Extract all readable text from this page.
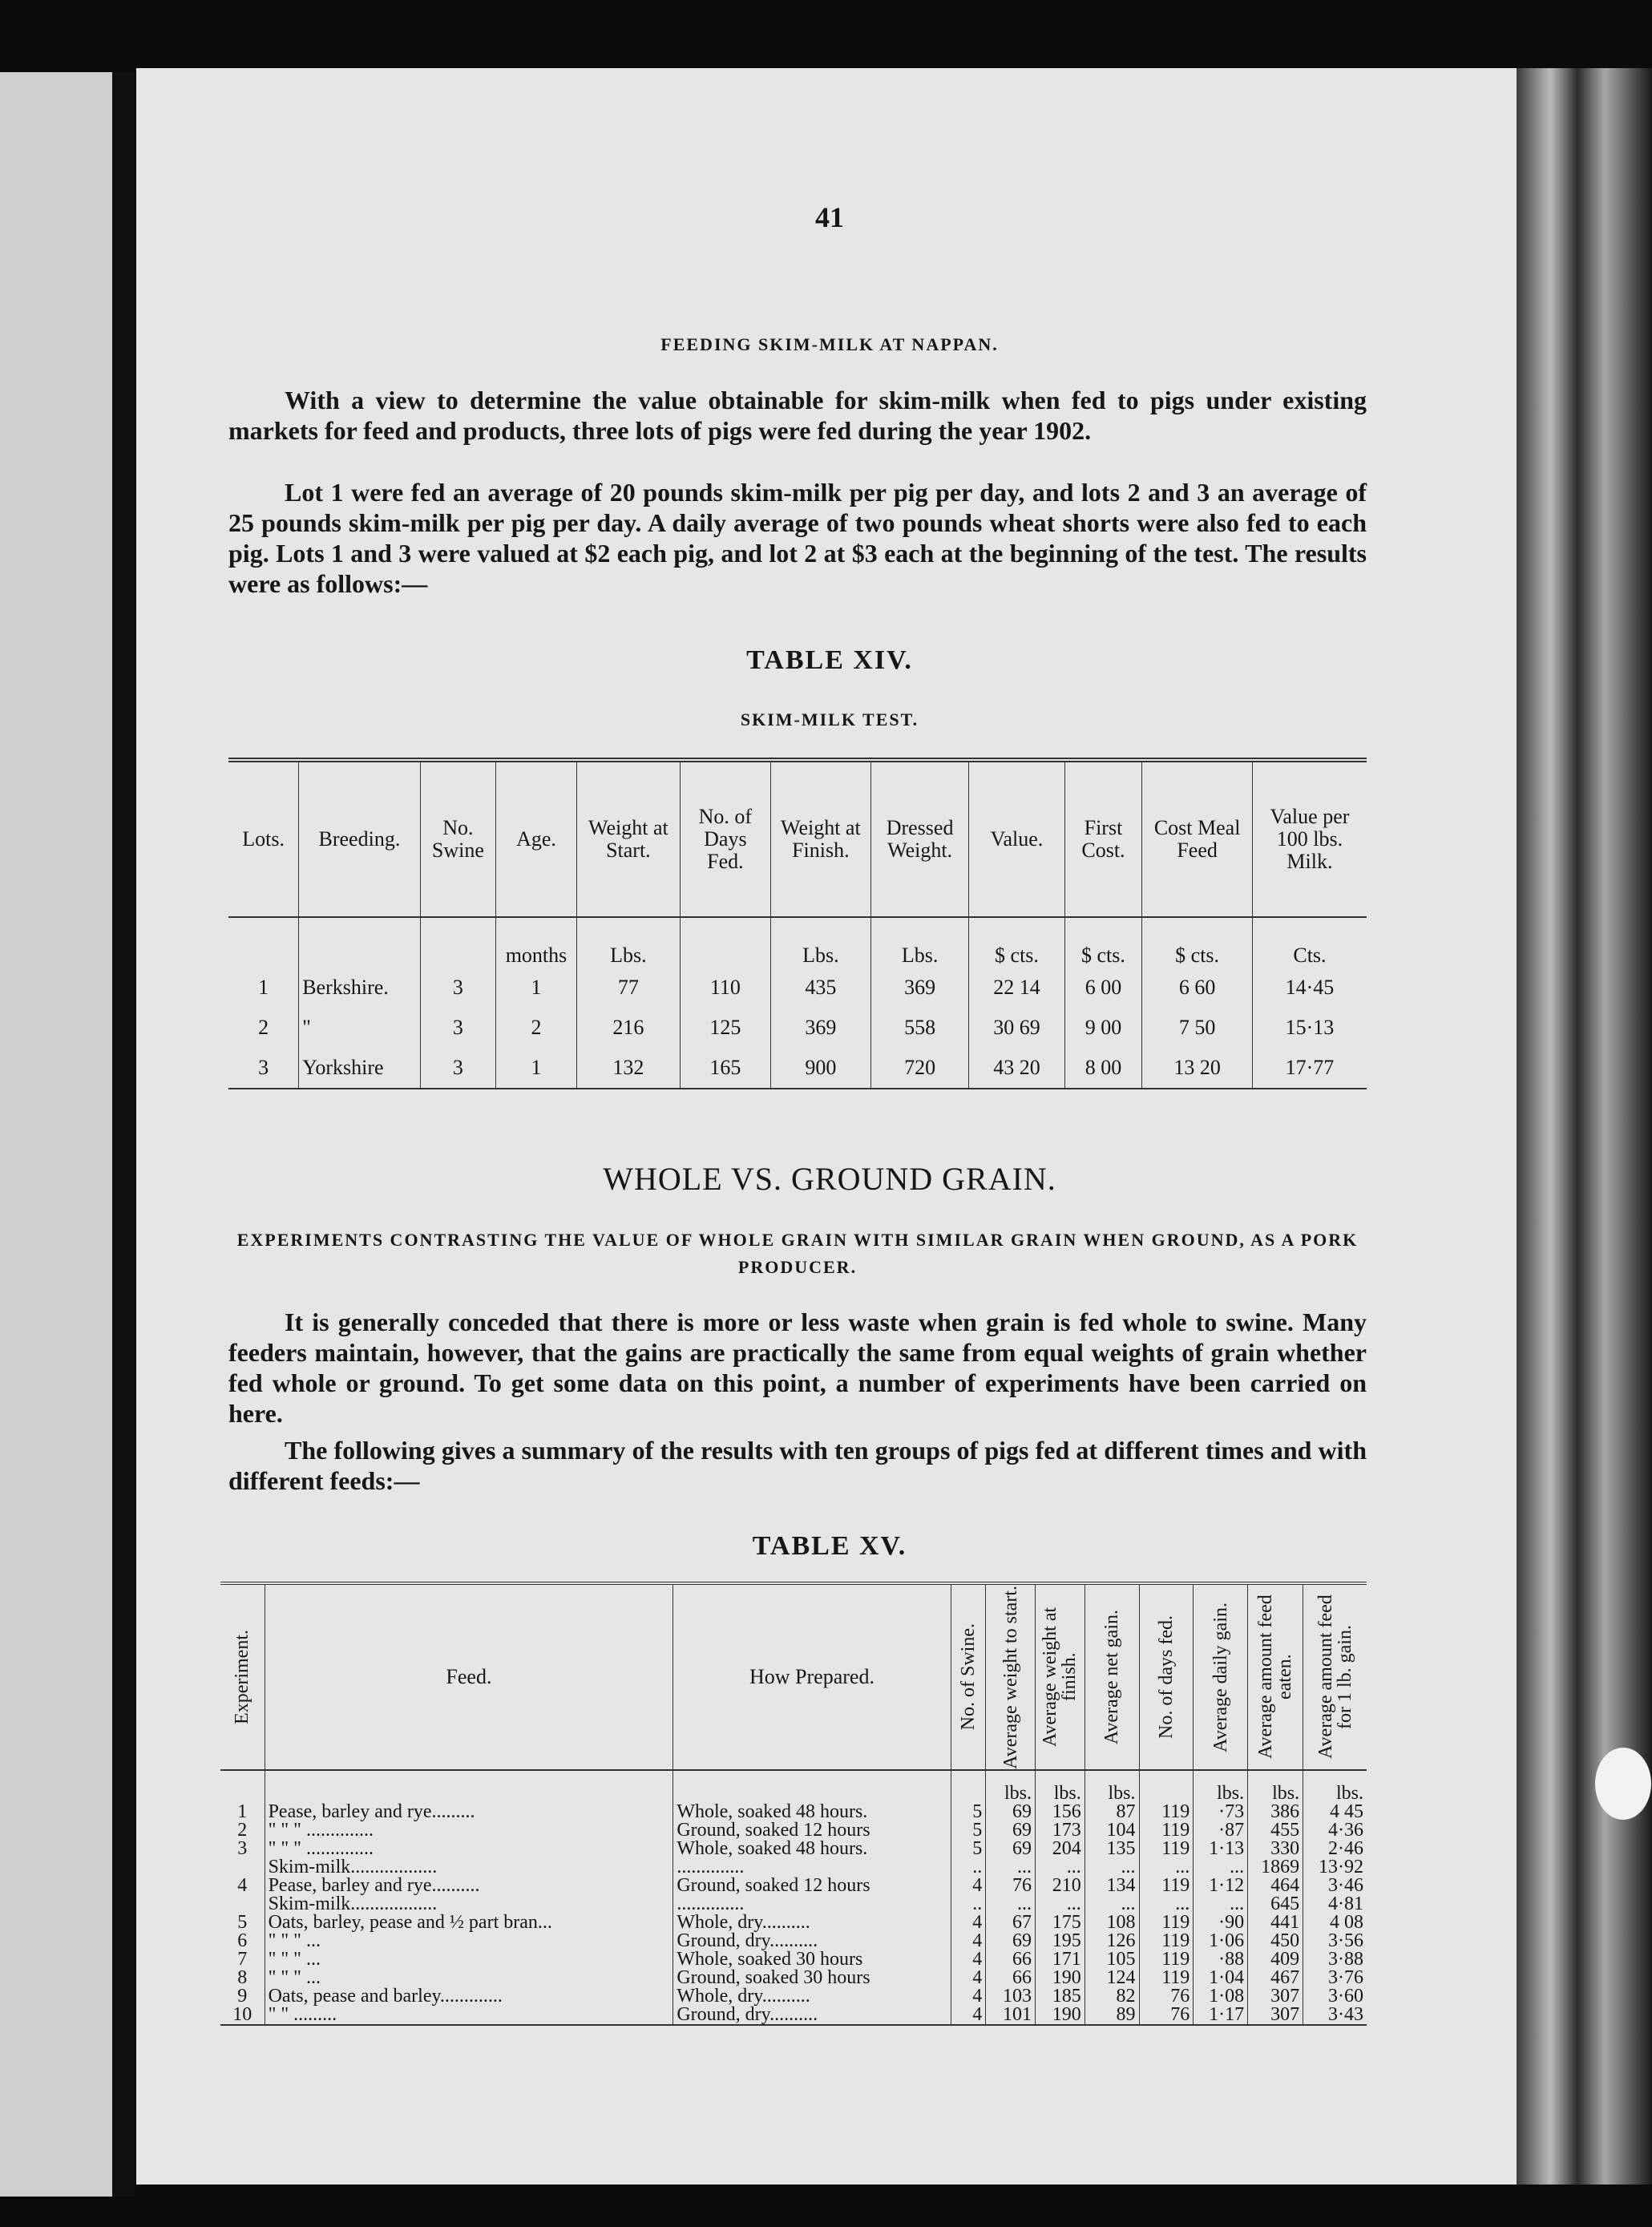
41
FEEDING SKIM-MILK AT NAPPAN.

With a view to determine the value obtainable for skim-milk when fed to pigs under existing markets for feed and products, three lots of pigs were fed during the year 1902.

Lot 1 were fed an average of 20 pounds skim-milk per pig per day, and lots 2 and 3 an average of 25 pounds skim-milk per pig per day. A daily average of two pounds wheat shorts were also fed to each pig. Lots 1 and 3 were valued at $2 each pig, and lot 2 at $3 each at the beginning of the test. The results were as follows:—

TABLE XIV.
SKIM-MILK TEST.
Lots.	Breeding.	No. Swine	Age.	Weight at Start.	No. of Days Fed.	Weight at Finish.	Dressed Weight.	Value.	First Cost.	Cost Meal Feed	Value per 100 lbs. Milk.
			months	Lbs.		Lbs.	Lbs.	$ cts.	$ cts.	$ cts.	Cts.
1	Berkshire.	3	1	77	110	435	369	22 14	6 00	6 60	14·45
2	"	3	2	216	125	369	558	30 69	9 00	7 50	15·13
3	Yorkshire	3	1	132	165	900	720	43 20	8 00	13 20	17·77
WHOLE VS. GROUND GRAIN.
EXPERIMENTS CONTRASTING THE VALUE OF WHOLE GRAIN WITH SIMILAR GRAIN WHEN GROUND, AS A PORK PRODUCER.

It is generally conceded that there is more or less waste when grain is fed whole to swine. Many feeders maintain, however, that the gains are practically the same from equal weights of grain whether fed whole or ground. To get some data on this point, a number of experiments have been carried on here.

The following gives a summary of the results with ten groups of pigs fed at different times and with different feeds:—

TABLE XV.
Experiment.	Feed.	How Prepared.	No. of Swine.	Average weight to start.	Average weight at finish.	Average net gain.	No. of days fed.	Average daily gain.	Average amount feed eaten.	Average amount feed for 1 lb. gain.

				lbs.	lbs.	lbs.		lbs.	lbs.	lbs.
1	Pease, barley and rye.........	Whole, soaked 48 hours.	5	69	156	87	119	·73	386	4 45
2	" " " ..............	Ground, soaked 12 hours	5	69	173	104	119	·87	455	4·36
3	" " " ..............	Whole, soaked 48 hours.	5	69	204	135	119	1·13	330	2·46
	Skim-milk..................	..............	..	...	...	...	...	...	1869	13·92
4	Pease, barley and rye..........	Ground, soaked 12 hours	4	76	210	134	119	1·12	464	3·46
	Skim-milk..................	..............	..	...	...	...	...	...	645	4·81
5	Oats, barley, pease and ½ part bran...	Whole, dry..........	4	67	175	108	119	·90	441	4 08
6	" " " ...	Ground, dry..........	4	69	195	126	119	1·06	450	3·56
7	" " " ...	Whole, soaked 30 hours	4	66	171	105	119	·88	409	3·88
8	" " " ...	Ground, soaked 30 hours	4	66	190	124	119	1·04	467	3·76
9	Oats, pease and barley.............	Whole, dry..........	4	103	185	82	76	1·08	307	3·60
10	" " .........	Ground, dry..........	4	101	190	89	76	1·17	307	3·43
